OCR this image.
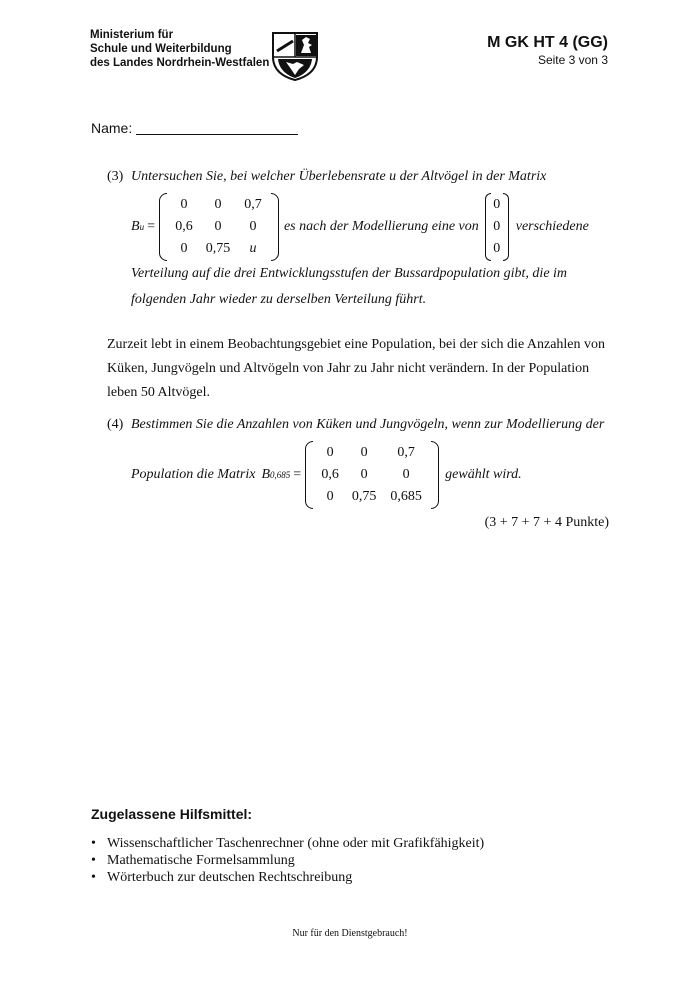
Ministerium für
Schule und Weiterbildung
des Landes Nordrhein-Westfalen
M GK HT 4 (GG)
Seite 3 von 3
Name:
(3) Untersuchen Sie, bei welcher Überlebensrate u der Altvögel in der Matrix
B u =
0	0	0,7
0,6	0	0
0	0,75	u
es nach der Modellierung eine von
0
0
0
verschiedene
Verteilung auf die drei Entwicklungsstufen der Bussardpopulation gibt, die im
folgenden Jahr wieder zu derselben Verteilung führt.
Zurzeit lebt in einem Beobachtungsgebiet eine Population, bei der sich die Anzahlen von
Küken, Jungvögeln und Altvögeln von Jahr zu Jahr nicht verändern. In der Population
leben 50 Altvögel.
(4) Bestimmen Sie die Anzahlen von Küken und Jungvögeln, wenn zur Modellierung der
Population die Matrix B 0,685 =
0	0	0,7
0,6	0	0
0	0,75	0,685
gewählt wird.
(3 + 7 + 7 + 4 Punkte)
Zugelassene Hilfsmittel:
• Wissenschaftlicher Taschenrechner (ohne oder mit Grafikfähigkeit)
• Mathematische Formelsammlung
• Wörterbuch zur deutschen Rechtschreibung
Nur für den Dienstgebrauch!
